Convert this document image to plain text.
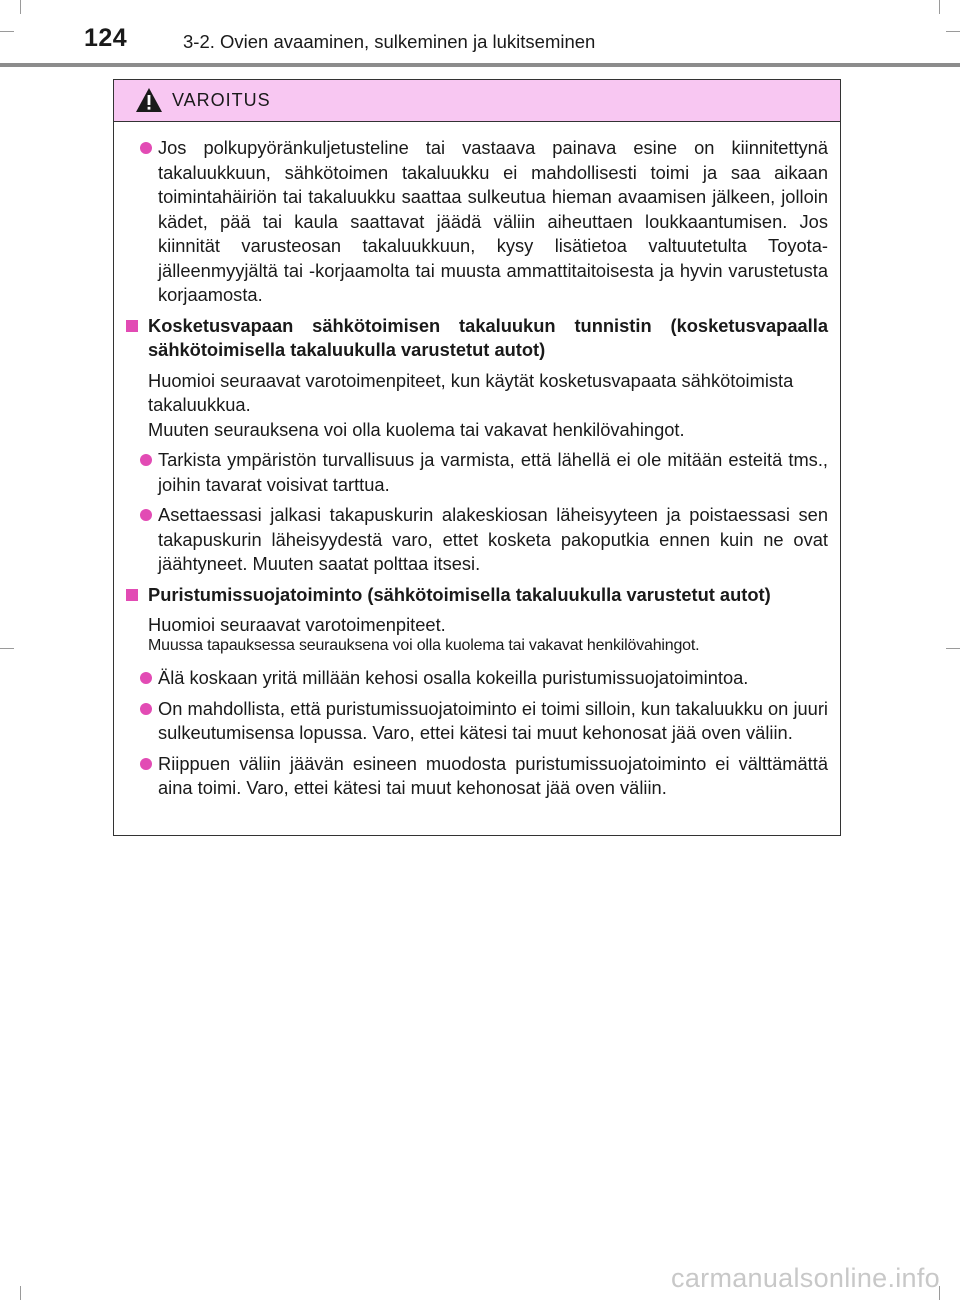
124	3-2. Ovien avaaminen, sulkeminen ja lukitseminen
VAROITUS
Jos polkupyöränkuljetusteline tai vastaava painava esine on kiinnitettynä takaluukkuun, sähkötoimen takaluukku ei mahdollisesti toimi ja saa aikaan toimintahäiriön tai takaluukku saattaa sulkeutua hieman avaamisen jälkeen, jolloin kädet, pää tai kaula saattavat jäädä väliin aiheuttaen loukkaantumisen. Jos kiinnität varusteosan takaluukkuun, kysy lisätietoa valtuutetulta Toyota-jälleenmyyjältä tai -korjaamolta tai muusta ammattitaitoisesta ja hyvin varustetusta korjaamosta.
Kosketusvapaan sähkötoimisen takaluukun tunnistin (kosketusvapaalla sähkötoimisella takaluukulla varustetut autot)
Huomioi seuraavat varotoimenpiteet, kun käytät kosketusvapaata sähkötoimista takaluukkua.
Muuten seurauksena voi olla kuolema tai vakavat henkilövahingot.
Tarkista ympäristön turvallisuus ja varmista, että lähellä ei ole mitään esteitä tms., joihin tavarat voisivat tarttua.
Asettaessasi jalkasi takapuskurin alakeskiosan läheisyyteen ja poistaessasi sen takapuskurin läheisyydestä varo, ettet kosketa pakoputkia ennen kuin ne ovat jäähtyneet. Muuten saatat polttaa itsesi.
Puristumissuojatoiminto (sähkötoimisella takaluukulla varustetut autot)
Huomioi seuraavat varotoimenpiteet.
Muussa tapauksessa seurauksena voi olla kuolema tai vakavat henkilövahingot.
Älä koskaan yritä millään kehosi osalla kokeilla puristumissuojatoimintoa.
On mahdollista, että puristumissuojatoiminto ei toimi silloin, kun takaluukku on juuri sulkeutumisensa lopussa. Varo, ettei kätesi tai muut kehonosat jää oven väliin.
Riippuen väliin jäävän esineen muodosta puristumissuojatoiminto ei välttämättä aina toimi. Varo, ettei kätesi tai muut kehonosat jää oven väliin.
carmanualsonline.info
